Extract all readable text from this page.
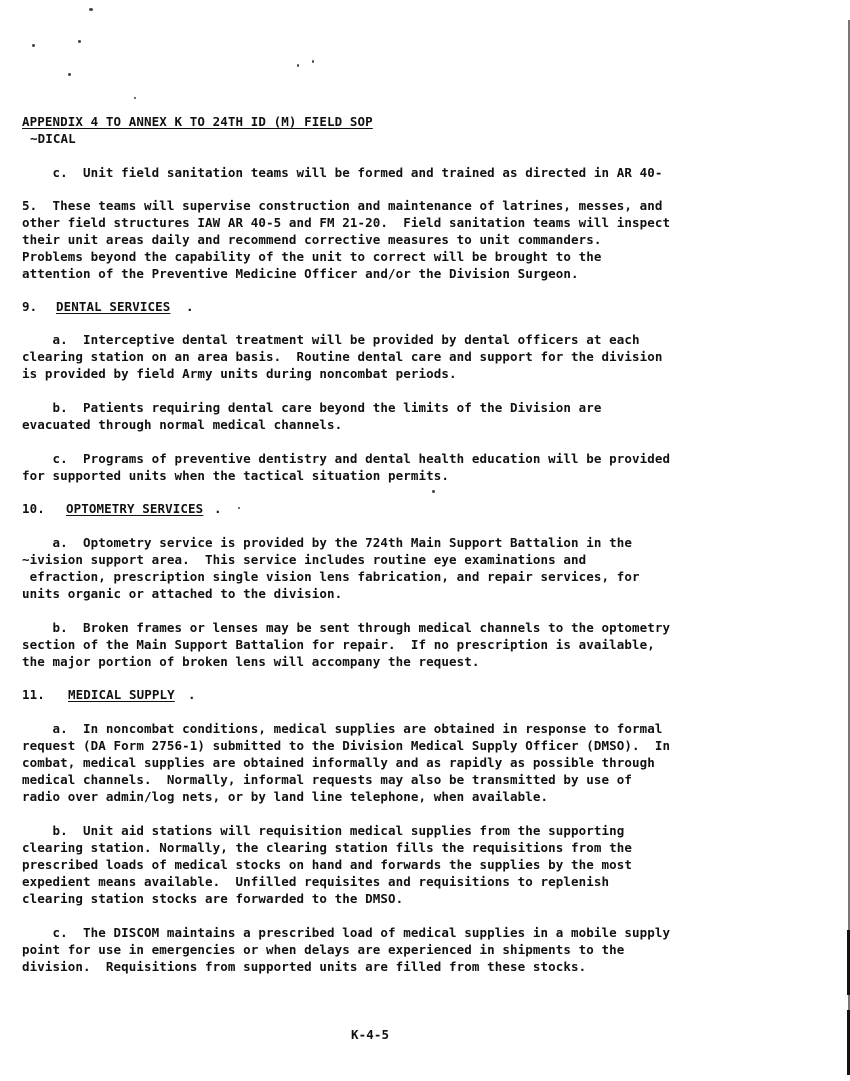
APPENDIX 4 TO ANNEX K TO 24TH ID (M) FIELD SOP
~DICAL
c.  Unit field sanitation teams will be formed and trained as directed in AR 40-
5.  These teams will supervise construction and maintenance of latrines, messes, and
other field structures IAW AR 40-5 and FM 21-20.  Field sanitation teams will inspect
their unit areas daily and recommend corrective measures to unit commanders.
Problems beyond the capability of the unit to correct will be brought to the
attention of the Preventive Medicine Officer and/or the Division Surgeon.
9. DENTAL SERVICES .
a.  Interceptive dental treatment will be provided by dental officers at each
clearing station on an area basis.  Routine dental care and support for the division
is provided by field Army units during noncombat periods.
b.  Patients requiring dental care beyond the limits of the Division are
evacuated through normal medical channels.
c.  Programs of preventive dentistry and dental health education will be provided
for supported units when the tactical situation permits.
10. OPTOMETRY SERVICES .
a.  Optometry service is provided by the 724th Main Support Battalion in the
~ivision support area.  This service includes routine eye examinations and
efraction, prescription single vision lens fabrication, and repair services, for
units organic or attached to the division.
b.  Broken frames or lenses may be sent through medical channels to the optometry
section of the Main Support Battalion for repair.  If no prescription is available,
the major portion of broken lens will accompany the request.
11. MEDICAL SUPPLY .
a.  In noncombat conditions, medical supplies are obtained in response to formal
request (DA Form 2756-1) submitted to the Division Medical Supply Officer (DMSO).  In
combat, medical supplies are obtained informally and as rapidly as possible through
medical channels.  Normally, informal requests may also be transmitted by use of
radio over admin/log nets, or by land line telephone, when available.
b.  Unit aid stations will requisition medical supplies from the supporting
clearing station. Normally, the clearing station fills the requisitions from the
prescribed loads of medical stocks on hand and forwards the supplies by the most
expedient means available.  Unfilled requisites and requisitions to replenish
clearing station stocks are forwarded to the DMSO.
c.  The DISCOM maintains a prescribed load of medical supplies in a mobile supply
point for use in emergencies or when delays are experienced in shipments to the
division.  Requisitions from supported units are filled from these stocks.
K-4-5
